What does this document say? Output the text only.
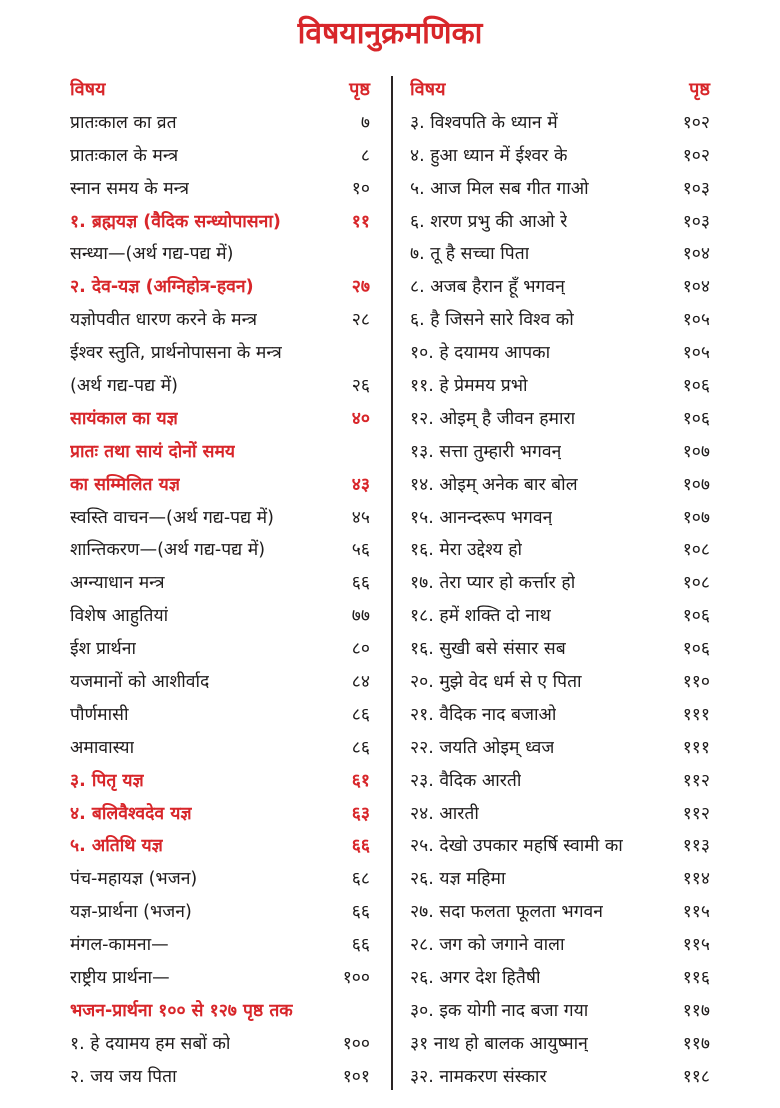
विषयानुक्रमणिका
विषय	पृष्ठ
प्रातःकाल का व्रत	७
प्रातःकाल के मन्त्र	८
स्नान समय के मन्त्र	१०
१. ब्रह्मयज्ञ (वैदिक सन्ध्योपासना)	११
सन्ध्या—(अर्थ गद्य-पद्य में)
२. देव-यज्ञ (अग्निहोत्र-हवन)	२७
यज्ञोपवीत धारण करने के मन्त्र	२८
ईश्वर स्तुति, प्रार्थनोपासना के मन्त्र
(अर्थ गद्य-पद्य में)	२६
सायंकाल का यज्ञ	४०
प्रातः तथा सायं दोनों समय
का सम्मिलित यज्ञ	४३
स्वस्ति वाचन—(अर्थ गद्य-पद्य में)	४५
शान्तिकरण—(अर्थ गद्य-पद्य में)	५६
अग्न्याधान मन्त्र	६६
विशेष आहुतियां	७७
ईश प्रार्थना	८०
यजमानों को आशीर्वाद	८४
पौर्णमासी	८६
अमावास्या	८६
३. पितृ यज्ञ	६१
४. बलिवैश्वदेव यज्ञ	६३
५. अतिथि यज्ञ	६६
पंच-महायज्ञ (भजन)	६८
यज्ञ-प्रार्थना (भजन)	६६
मंगल-कामना—	६६
राष्ट्रीय प्रार्थना—	१००
भजन-प्रार्थना १०० से १२७ पृष्ठ तक
१. हे दयामय हम सबों को	१००
२. जय जय पिता	१०१
विषय	पृष्ठ
३. विश्वपति के ध्यान में	१०२
४. हुआ ध्यान में ईश्वर के	१०२
५. आज मिल सब गीत गाओ	१०३
६. शरण प्रभु की आओ रे	१०३
७. तू है सच्चा पिता	१०४
८. अजब हैरान हूँ भगवन्	१०४
६. है जिसने सारे विश्व को	१०५
१०. हे दयामय आपका	१०५
११. हे प्रेममय प्रभो	१०६
१२. ओइम् है जीवन हमारा	१०६
१३. सत्ता तुम्हारी भगवन्	१०७
१४. ओइम् अनेक बार बोल	१०७
१५. आनन्दरूप भगवन्	१०७
१६. मेरा उद्देश्य हो	१०८
१७. तेरा प्यार हो कर्त्तार हो	१०८
१८. हमें शक्ति दो नाथ	१०६
१६. सुखी बसे संसार सब	१०६
२०. मुझे वेद धर्म से ए पिता	११०
२१. वैदिक नाद बजाओ	१११
२२. जयति ओइम् ध्वज	१११
२३. वैदिक आरती	११२
२४. आरती	११२
२५. देखो उपकार महर्षि स्वामी का	११३
२६. यज्ञ महिमा	११४
२७. सदा फलता फूलता भगवन	११५
२८. जग को जगाने वाला	११५
२६. अगर देश हितैषी	११६
३०. इक योगी नाद बजा गया	११७
३१ नाथ हो बालक आयुष्मान्	११७
३२. नामकरण संस्कार	११८
